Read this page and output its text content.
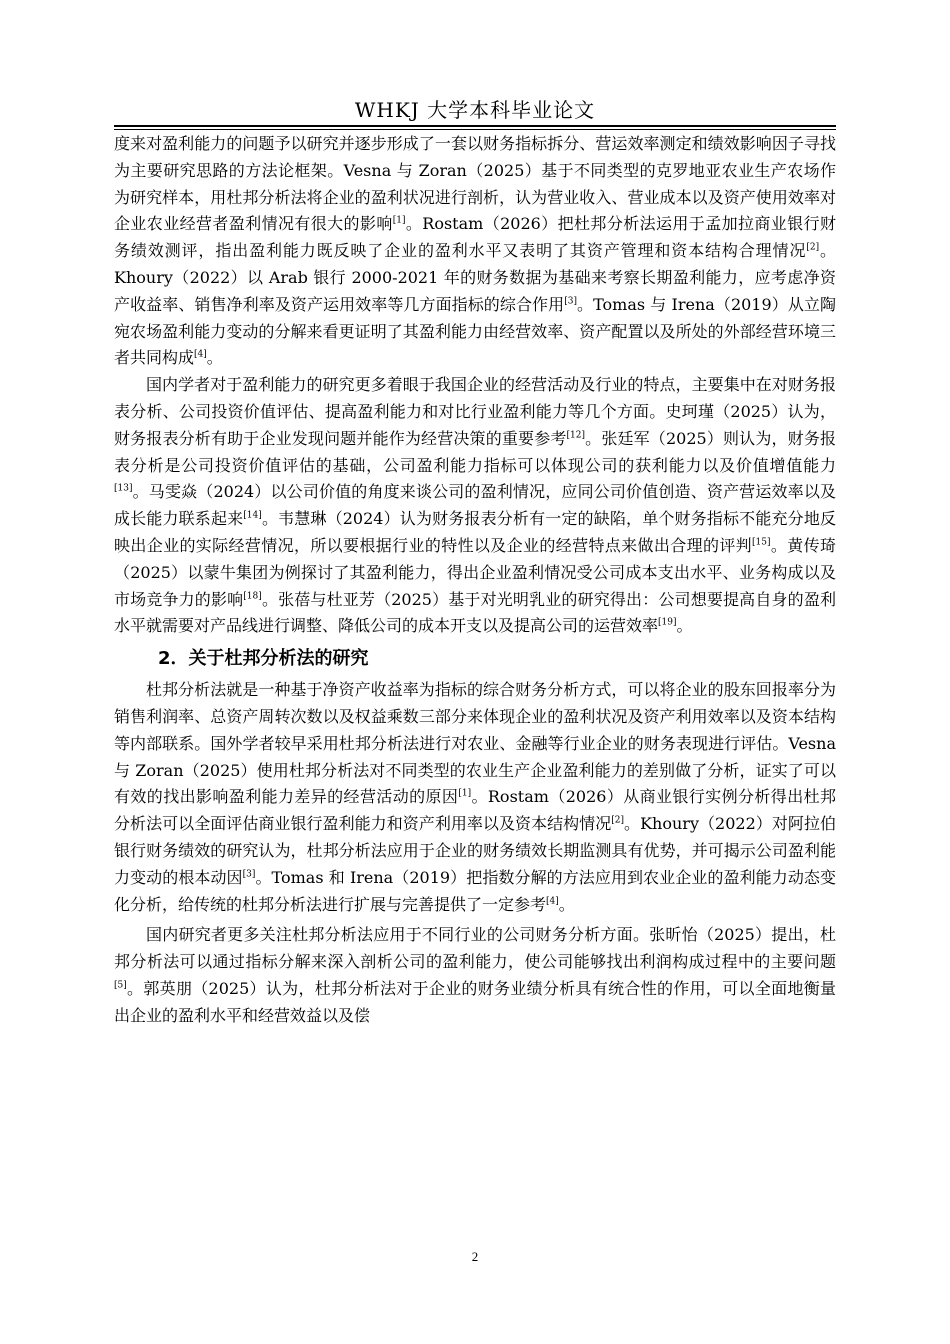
WHKJ 大学本科毕业论文

度来对盈利能力的问题予以研究并逐步形成了一套以财务指标拆分、营运效率测定和绩效影响因子寻找为主要研究思路的方法论框架。Vesna 与 Zoran（2025）基于不同类型的克罗地亚农业生产农场作为研究样本，用杜邦分析法将企业的盈利状况进行剖析，认为营业收入、营业成本以及资产使用效率对企业农业经营者盈利情况有很大的影响[1]。Rostam（2026）把杜邦分析法运用于孟加拉商业银行财务绩效测评，指出盈利能力既反映了企业的盈利水平又表明了其资产管理和资本结构合理情况[2]。Khoury（2022）以 Arab 银行 2000-2021 年的财务数据为基础来考察长期盈利能力，应考虑净资产收益率、销售净利率及资产运用效率等几方面指标的综合作用[3]。Tomas 与 Irena（2019）从立陶宛农场盈利能力变动的分解来看更证明了其盈利能力由经营效率、资产配置以及所处的外部经营环境三者共同构成[4]。

国内学者对于盈利能力的研究更多着眼于我国企业的经营活动及行业的特点，主要集中在对财务报表分析、公司投资价值评估、提高盈利能力和对比行业盈利能力等几个方面。史珂瑾（2025）认为，财务报表分析有助于企业发现问题并能作为经营决策的重要参考[12]。张廷军（2025）则认为，财务报表分析是公司投资价值评估的基础，公司盈利能力指标可以体现公司的获利能力以及价值增值能力[13]。马雯焱（2024）以公司价值的角度来谈公司的盈利情况，应同公司价值创造、资产营运效率以及成长能力联系起来[14]。韦慧琳（2024）认为财务报表分析有一定的缺陷，单个财务指标不能充分地反映出企业的实际经营情况，所以要根据行业的特性以及企业的经营特点来做出合理的评判[15]。黄传琦（2025）以蒙牛集团为例探讨了其盈利能力，得出企业盈利情况受公司成本支出水平、业务构成以及市场竞争力的影响[18]。张蓓与杜亚芳（2025）基于对光明乳业的研究得出：公司想要提高自身的盈利水平就需要对产品线进行调整、降低公司的成本开支以及提高公司的运营效率[19]。

2．关于杜邦分析法的研究

杜邦分析法就是一种基于净资产收益率为指标的综合财务分析方式，可以将企业的股东回报率分为销售利润率、总资产周转次数以及权益乘数三部分来体现企业的盈利状况及资产利用效率以及资本结构等内部联系。国外学者较早采用杜邦分析法进行对农业、金融等行业企业的财务表现进行评估。Vesna 与 Zoran（2025）使用杜邦分析法对不同类型的农业生产企业盈利能力的差别做了分析，证实了可以有效的找出影响盈利能力差异的经营活动的原因[1]。Rostam（2026）从商业银行实例分析得出杜邦分析法可以全面评估商业银行盈利能力和资产利用率以及资本结构情况[2]。Khoury（2022）对阿拉伯银行财务绩效的研究认为，杜邦分析法应用于企业的财务绩效长期监测具有优势，并可揭示公司盈利能力变动的根本动因[3]。Tomas 和 Irena（2019）把指数分解的方法应用到农业企业的盈利能力动态变化分析，给传统的杜邦分析法进行扩展与完善提供了一定参考[4]。

国内研究者更多关注杜邦分析法应用于不同行业的公司财务分析方面。张昕怡（2025）提出，杜邦分析法可以通过指标分解来深入剖析公司的盈利能力，使公司能够找出利润构成过程中的主要问题[5]。郭英朋（2025）认为，杜邦分析法对于企业的财务业绩分析具有统合性的作用，可以全面地衡量出企业的盈利水平和经营效益以及偿

2
